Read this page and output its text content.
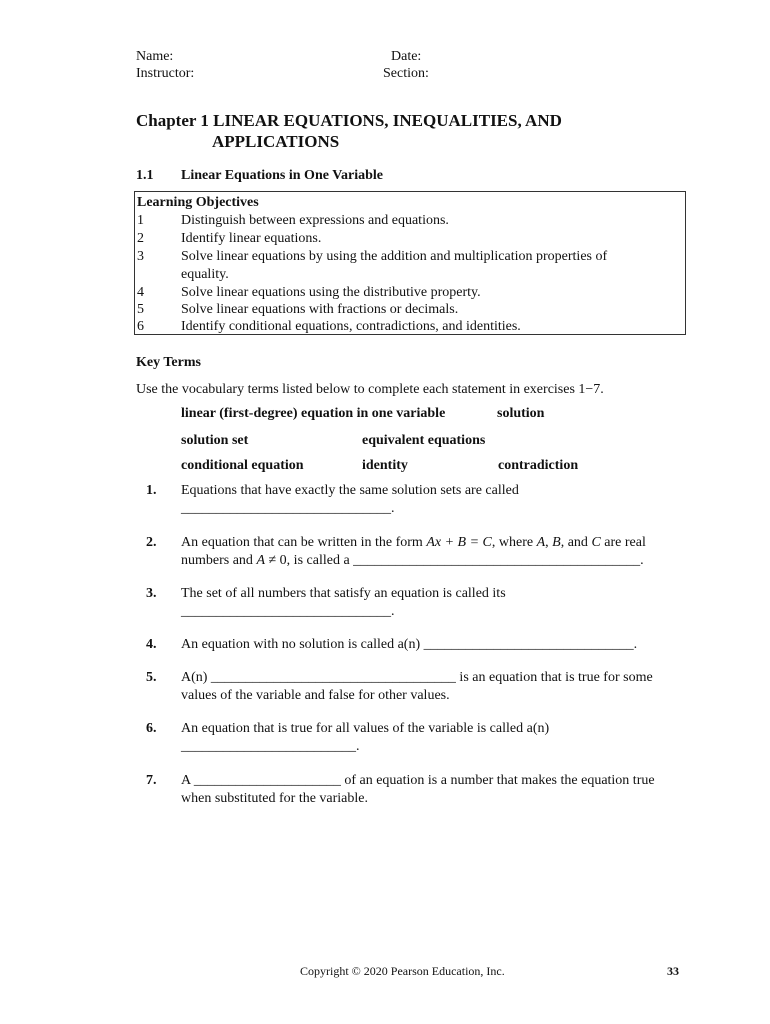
Name:	Date:
Instructor:	Section:
Chapter 1 LINEAR EQUATIONS, INEQUALITIES, AND
APPLICATIONS
1.1 Linear Equations in One Variable
Learning Objectives
1	Distinguish between expressions and equations.
2	Identify linear equations.
3	Solve linear equations by using the addition and multiplication properties of equality.
4	Solve linear equations using the distributive property.
5	Solve linear equations with fractions or decimals.
6	Identify conditional equations, contradictions, and identities.
Key Terms
Use the vocabulary terms listed below to complete each statement in exercises 1−7.
linear (first-degree) equation in one variable	solution
solution set	equivalent equations
conditional equation	identity	contradiction
1. Equations that have exactly the same solution sets are called ______________________________.
2. An equation that can be written in the form Ax + B = C, where A, B, and C are real numbers and A ≠ 0, is called a _________________________________________.
3. The set of all numbers that satisfy an equation is called its ______________________________.
4. An equation with no solution is called a(n) ______________________________.
5. A(n) ___________________________________ is an equation that is true for some values of the variable and false for other values.
6. An equation that is true for all values of the variable is called a(n) _________________________.
7. A _____________________ of an equation is a number that makes the equation true when substituted for the variable.
Copyright © 2020 Pearson Education, Inc.	33
